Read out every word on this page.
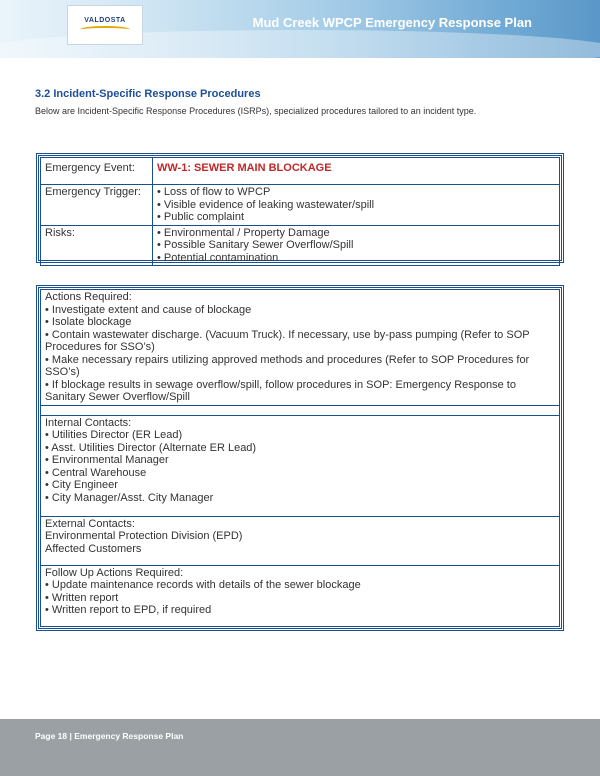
VALDOSTA	Mud Creek WPCP Emergency Response Plan
3.2 Incident-Specific Response Procedures
Below are Incident-Specific Response Procedures (ISRPs), specialized procedures tailored to an incident type.
Emergency Event:	WW-1: SEWER MAIN BLOCKAGE
Emergency Trigger:	• Loss of flow to WPCP
• Visible evidence of leaking wastewater/spill
• Public complaint

Risks:	• Environmental / Property Damage
• Possible Sanitary Sewer Overflow/Spill
• Potential contamination
Actions Required:
• Investigate extent and cause of blockage
• Isolate blockage
• Contain wastewater discharge. (Vacuum Truck). If necessary, use by-pass pumping (Refer to SOP Procedures for SSO’s)
• Make necessary repairs utilizing approved methods and procedures (Refer to SOP Procedures for SSO’s)
• If blockage results in sewage overflow/spill, follow procedures in SOP: Emergency Response to Sanitary Sewer Overflow/Spill

Internal Contacts:
• Utilities Director (ER Lead)
• Asst. Utilities Director (Alternate ER Lead)
• Environmental Manager
• Central Warehouse
• City Engineer
• City Manager/Asst. City Manager

External Contacts:
Environmental Protection Division (EPD)
Affected Customers

Follow Up Actions Required:
• Update maintenance records with details of the sewer blockage
• Written report
• Written report to EPD, if required
Page 18 | Emergency Response Plan
